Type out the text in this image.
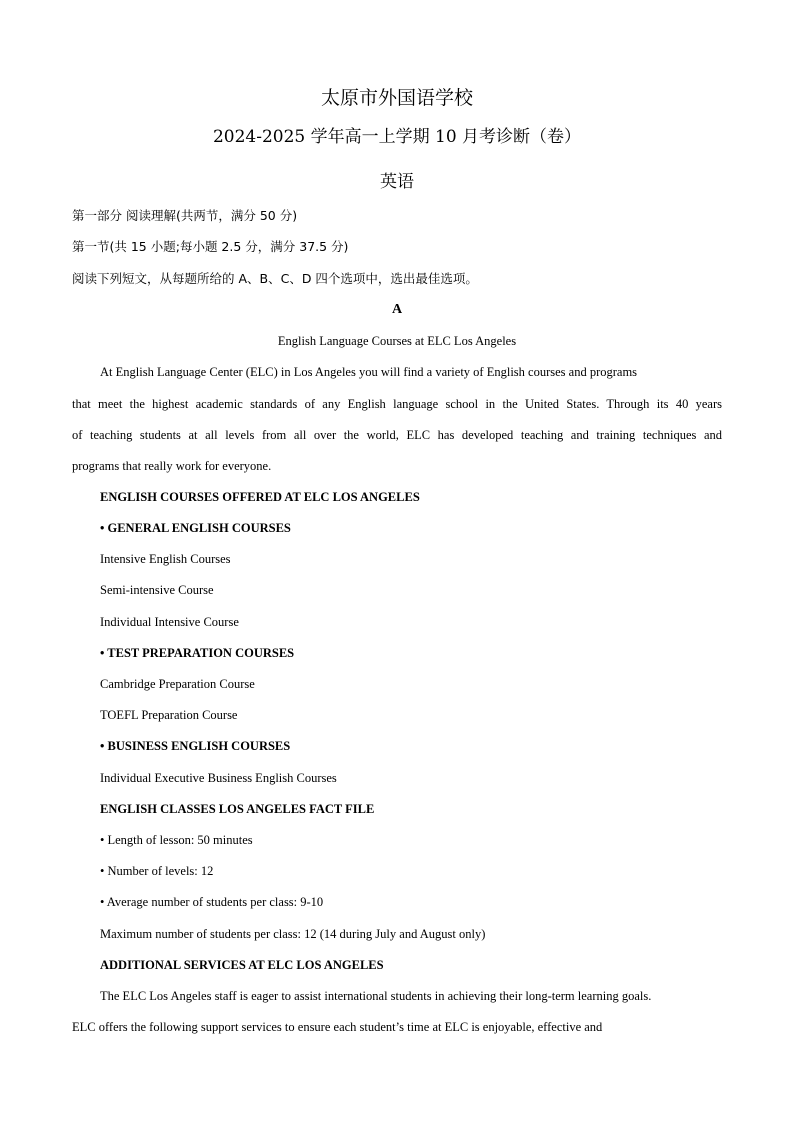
太原市外国语学校
2024-2025 学年高一上学期 10 月考诊断（卷）
英语
第一部分 阅读理解(共两节，满分 50 分)
第一节(共 15 小题;每小题 2.5 分，满分 37.5 分)
阅读下列短文，从每题所给的 A、B、C、D 四个选项中，选出最佳选项。
A
English Language Courses at ELC Los Angeles
At English Language Center (ELC) in Los Angeles you will find a variety of English courses and programs
that meet the highest academic standards of any English language school in the United States. Through its 40 years
of teaching students at all levels from all over the world, ELC has developed teaching and training techniques and
programs that really work for everyone.
ENGLISH COURSES OFFERED AT ELC LOS ANGELES
• GENERAL ENGLISH COURSES
Intensive English Courses
Semi-intensive Course
Individual Intensive Course
• TEST PREPARATION COURSES
Cambridge Preparation Course
TOEFL Preparation Course
• BUSINESS ENGLISH COURSES
Individual Executive Business English Courses
ENGLISH CLASSES LOS ANGELES FACT FILE
• Length of lesson: 50 minutes
• Number of levels: 12
• Average number of students per class: 9-10
Maximum number of students per class: 12 (14 during July and August only)
ADDITIONAL SERVICES AT ELC LOS ANGELES
The ELC Los Angeles staff is eager to assist international students in achieving their long-term learning goals.
ELC offers the following support services to ensure each student’s time at ELC is enjoyable, effective and
